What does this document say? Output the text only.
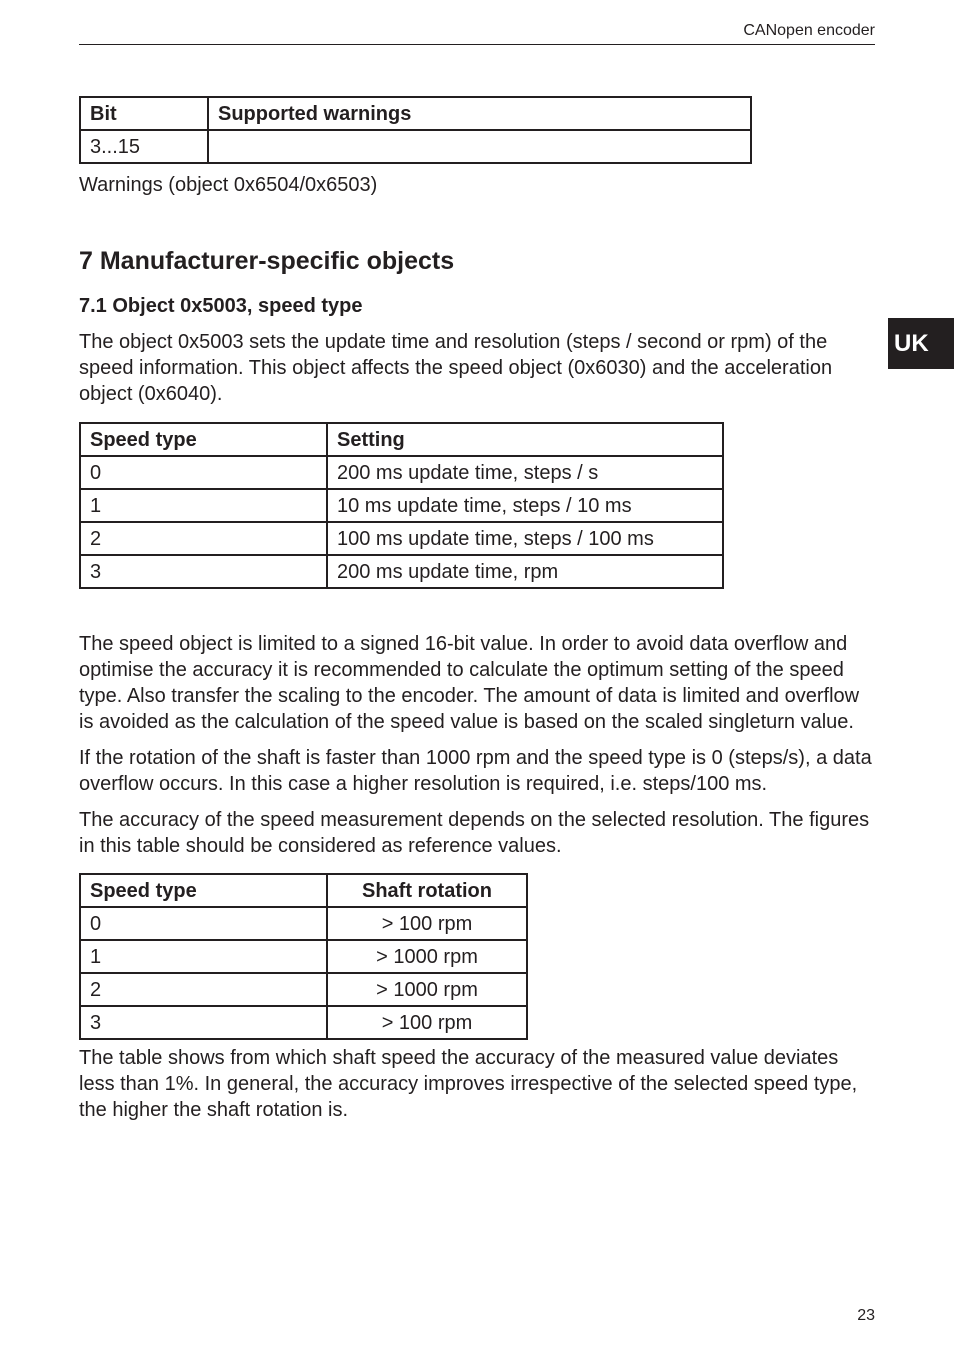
CANopen encoder
UK
Bit	Supported warnings
3...15	
Warnings (object 0x6504/0x6503)
7 Manufacturer-specific objects
7.1 Object 0x5003, speed type

The object 0x5003 sets the update time and resolution (steps / second or rpm) of the speed information. This object affects the speed object (0x6030) and the acceleration object (0x6040).

Speed type	Setting
0	200 ms update time, steps / s
1	10 ms update time, steps / 10 ms
2	100 ms update time, steps / 100 ms
3	200 ms update time, rpm

The speed object is limited to a signed 16-bit value. In order to avoid data overflow and optimise the accuracy it is recommended to calculate the optimum setting of the speed type. Also transfer the scaling to the encoder. The amount of data is limited and overflow is avoided as the calculation of the speed value is based on the scaled singleturn value.

If the rotation of the shaft is faster than 1000 rpm and the speed type is 0 (steps/s), a data overflow occurs. In this case a higher resolution is required, i.e. steps/100 ms.

The accuracy of the speed measurement depends on the selected resolution. The figures in this table should be considered as reference values.

Speed type	Shaft rotation
0	> 100 rpm
1	> 1000 rpm
2	> 1000 rpm
3	> 100 rpm

The table shows from which shaft speed the accuracy of the measured value deviates less than 1%. In general, the accuracy improves irrespective of the selected speed type, the higher the shaft rotation is.

23
